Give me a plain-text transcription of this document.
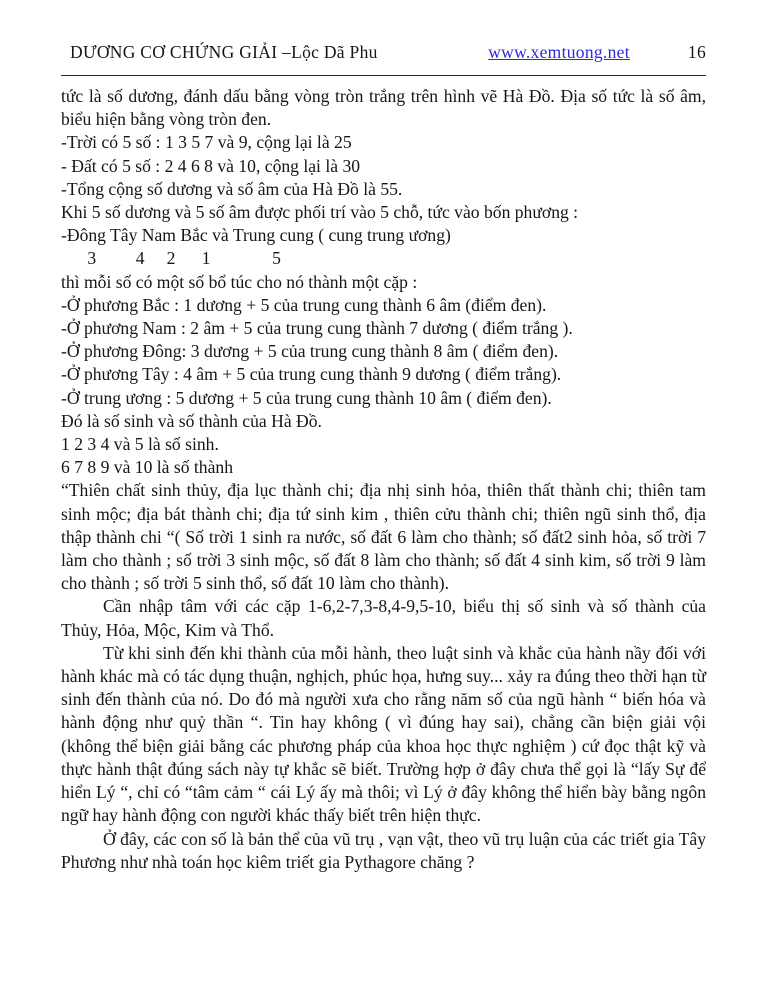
DƯƠNG CƠ CHỨNG GIẢI –Lộc Dã Phu	www.xemtuong.net	16
tức là số dương, đánh dấu bằng vòng tròn trắng trên hình vẽ Hà Đồ. Địa số tức là số âm, biểu hiện bằng vòng tròn đen.
-Trời có 5 số : 1 3 5 7 và 9, cộng lại là 25
- Đất có 5 số : 2 4 6 8 và 10, cộng lại là 30
-Tổng cộng số dương và số âm của Hà Đồ là 55.
Khi 5 số dương và 5 số âm được phối trí vào 5 chỗ, tức vào bốn phương :
-Đông Tây Nam Bắc và Trung cung ( cung trung ương)
3         4     2      1              5
thì mỗi số có một số bổ túc cho nó thành một cặp :
-Ở phương Bắc : 1 dương + 5 của trung cung thành 6 âm (điểm đen).
-Ở phương Nam : 2 âm + 5 của trung cung thành 7 dương ( điểm trắng ).
-Ở phương Đông: 3 dương + 5 của trung cung thành 8 âm ( điểm đen).
-Ở phương Tây : 4 âm + 5 của trung cung thành 9 dương ( điểm trắng).
-Ở trung ương : 5 dương + 5 của trung cung thành 10 âm ( điểm đen).
Đó là số sinh và số thành của Hà Đồ.
1 2 3 4 và 5 là số sinh.
6 7 8 9 và 10 là số thành
“Thiên chất sinh thủy, địa lục thành chi; địa nhị sinh hỏa, thiên thất thành chi; thiên tam sinh mộc; địa bát thành chi; địa tứ sinh kim , thiên cửu thành chi; thiên ngũ sinh thổ, địa thập thành chi “( Số trời 1 sinh ra nước, số đất 6 làm cho thành; số đất2 sinh hỏa, số trời 7 làm cho thành ; số trời 3 sinh mộc, số đất 8 làm cho thành; số đất 4 sinh kim, số trời 9 làm cho thành ; số trời 5 sinh thổ, số đất 10 làm cho thành).
Cần nhập tâm với các cặp 1-6,2-7,3-8,4-9,5-10, biểu thị số sinh và số thành của Thủy, Hỏa, Mộc, Kim và Thổ.
Từ khi sinh đến khi thành của mỗi hành, theo luật sinh và khắc của hành nầy đối với hành khác mà có tác dụng thuận, nghịch, phúc họa, hưng suy... xảy ra đúng theo thời hạn từ sinh đến thành của nó. Do đó mà người xưa cho rằng năm số của ngũ hành “ biến hóa và hành động như quỷ thần “. Tin hay không ( vì đúng hay sai), chẳng cần biện giải vội (không thể biện giải bằng các phương pháp của khoa học thực nghiệm ) cứ đọc thật kỹ và thực hành thật đúng sách này tự khắc sẽ biết. Trường hợp ở đây chưa thể gọi là “lấy Sự để hiển Lý “, chỉ có “tâm cảm “ cái Lý ấy mà thôi; vì Lý ở đây không thể hiển bày bằng ngôn ngữ hay hành động con người khác thấy biết trên hiện thực.
Ở đây, các con số là bản thể của vũ trụ , vạn vật, theo vũ trụ luận của các triết gia Tây Phương như nhà toán học kiêm triết gia Pythagore chăng ?
